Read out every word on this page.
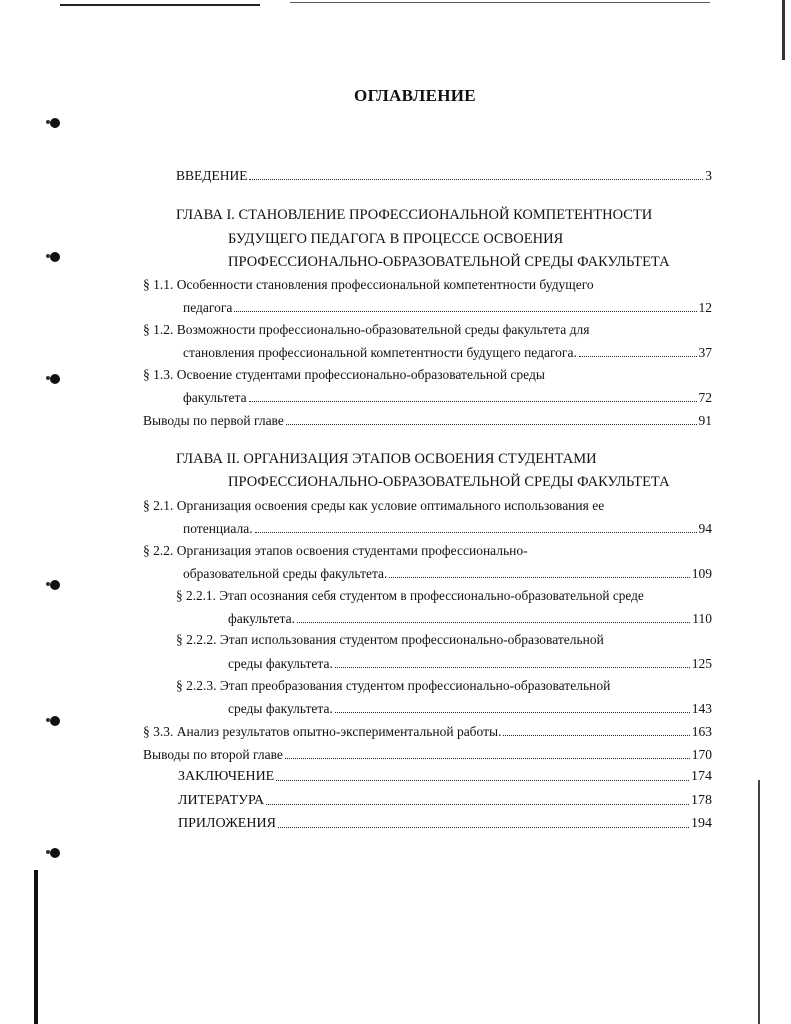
ОГЛАВЛЕНИЕ
ВВЕДЕНИЕ	3
ГЛАВА I. СТАНОВЛЕНИЕ ПРОФЕССИОНАЛЬНОЙ КОМПЕТЕНТНОСТИ
БУДУЩЕГО ПЕДАГОГА В ПРОЦЕССЕ ОСВОЕНИЯ
ПРОФЕССИОНАЛЬНО-ОБРАЗОВАТЕЛЬНОЙ СРЕДЫ ФАКУЛЬТЕТА
§ 1.1. Особенности становления профессиональной компетентности будущего
педагога	12
§ 1.2. Возможности профессионально-образовательной среды факультета для
становления профессиональной компетентности будущего педагога.	37
§ 1.3. Освоение студентами профессионально-образовательной среды
факультета	72
Выводы по первой главе	91
ГЛАВА II. ОРГАНИЗАЦИЯ ЭТАПОВ ОСВОЕНИЯ СТУДЕНТАМИ
ПРОФЕССИОНАЛЬНО-ОБРАЗОВАТЕЛЬНОЙ СРЕДЫ ФАКУЛЬТЕТА
§ 2.1. Организация освоения среды как условие оптимального использования ее
потенциала.	94
§ 2.2. Организация этапов освоения студентами профессионально-
образовательной среды факультета.	109
§ 2.2.1. Этап осознания себя студентом в профессионально-образовательной среде
факультета.	110
§ 2.2.2. Этап использования студентом профессионально-образовательной
среды факультета.	125
§ 2.2.3. Этап преобразования студентом профессионально-образовательной
среды факультета.	143
§ 3.3. Анализ результатов опытно-экспериментальной работы.	163
Выводы по второй главе	170
ЗАКЛЮЧЕНИЕ	174
ЛИТЕРАТУРА	178
ПРИЛОЖЕНИЯ	194
